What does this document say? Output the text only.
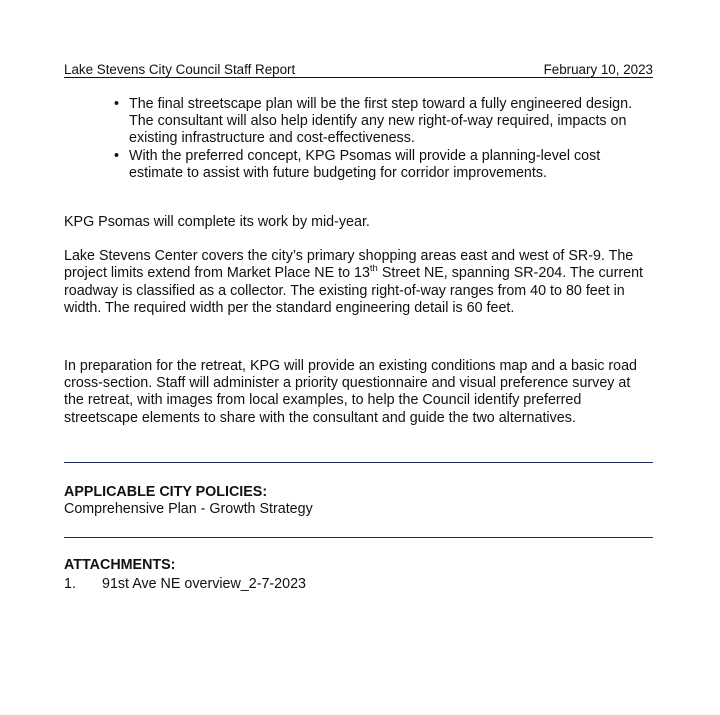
Lake Stevens City Council Staff Report	February 10, 2023
• The final streetscape plan will be the first step toward a fully engineered design. The consultant will also help identify any new right-of-way required, impacts on existing infrastructure and cost-effectiveness.
• With the preferred concept, KPG Psomas will provide a planning-level cost estimate to assist with future budgeting for corridor improvements.

KPG Psomas will complete its work by mid-year.

Lake Stevens Center covers the city’s primary shopping areas east and west of SR-9. The project limits extend from Market Place NE to 13th Street NE, spanning SR-204. The current roadway is classified as a collector. The existing right-of-way ranges from 40 to 80 feet in width. The required width per the standard engineering detail is 60 feet.

In preparation for the retreat, KPG will provide an existing conditions map and a basic road cross-section. Staff will administer a priority questionnaire and visual preference survey at the retreat, with images from local examples, to help the Council identify preferred streetscape elements to share with the consultant and guide the two alternatives.

APPLICABLE CITY POLICIES:

Comprehensive Plan - Growth Strategy

ATTACHMENTS:

1. 91st Ave NE overview_2-7-2023
